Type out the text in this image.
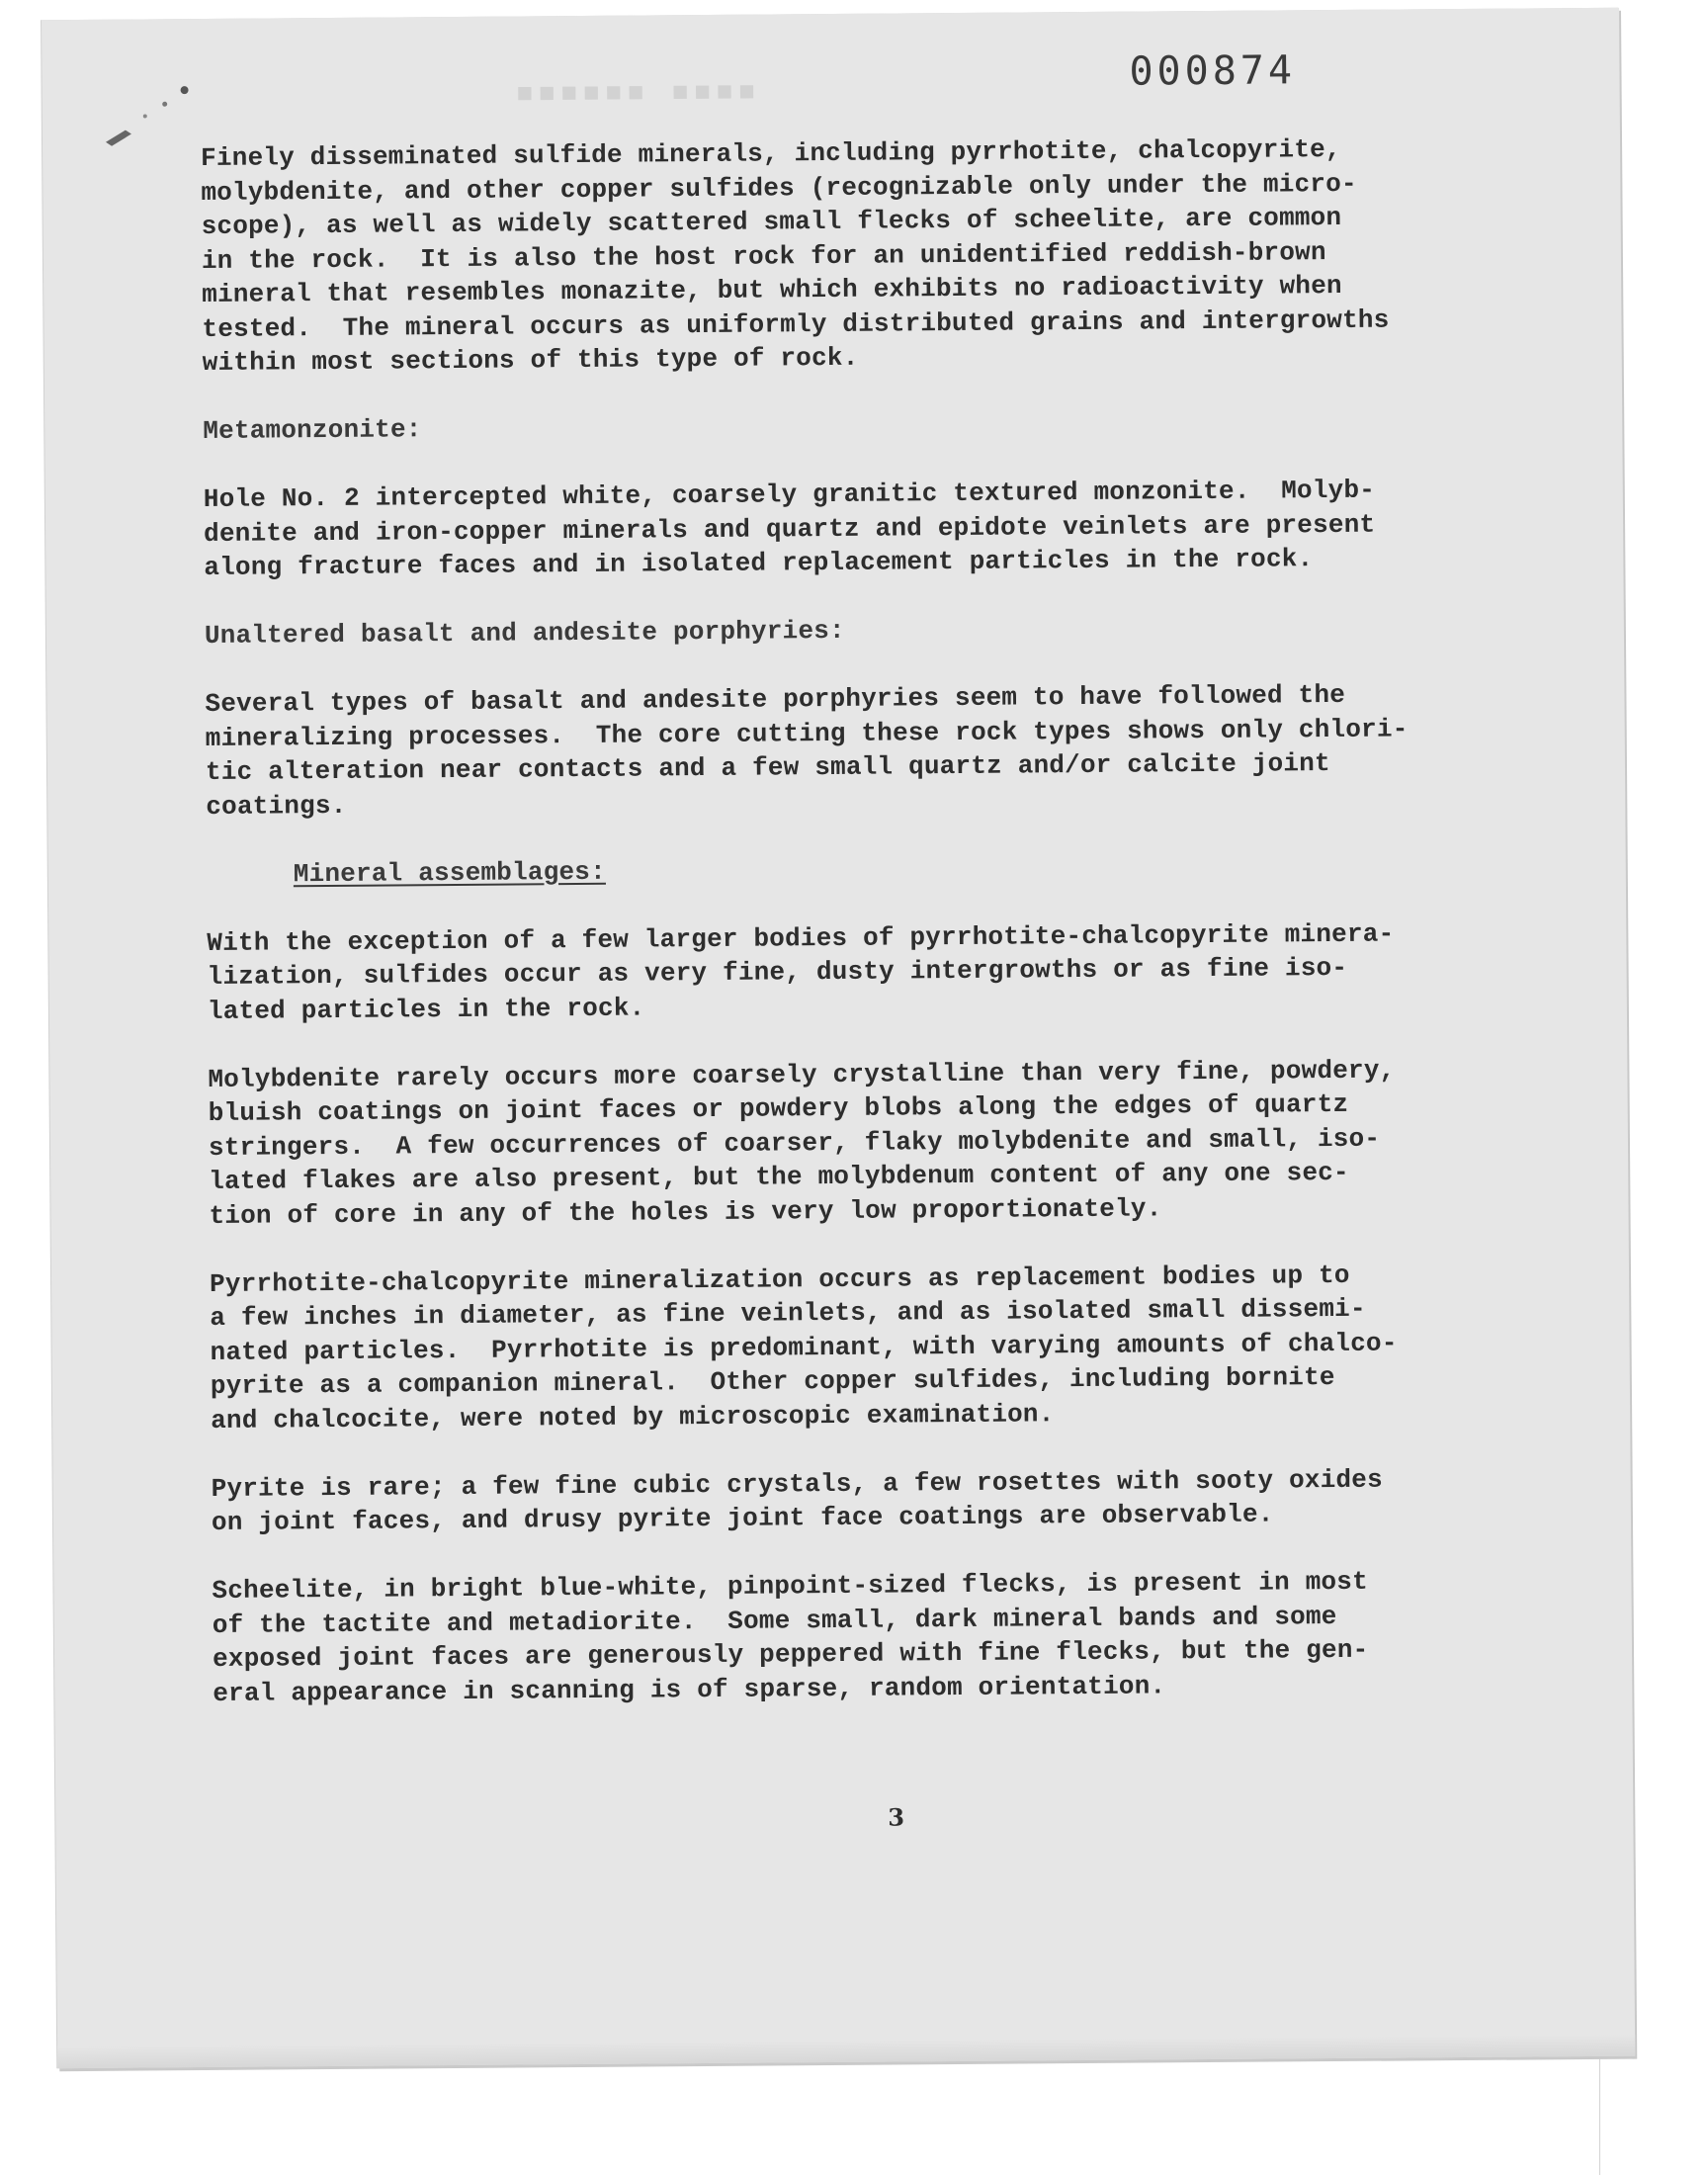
▪▪▪▪▪▪ ▪▪▪▪	000874

Finely disseminated sulfide minerals, including pyrrhotite, chalcopyrite,
molybdenite, and other copper sulfides (recognizable only under the micro-
scope), as well as widely scattered small flecks of scheelite, are common
in the rock.  It is also the host rock for an unidentified reddish-brown
mineral that resembles monazite, but which exhibits no radioactivity when
tested.  The mineral occurs as uniformly distributed grains and intergrowths
within most sections of this type of rock.

Metamonzonite:

Hole No. 2 intercepted white, coarsely granitic textured monzonite.  Molyb-
denite and iron-copper minerals and quartz and epidote veinlets are present
along fracture faces and in isolated replacement particles in the rock.

Unaltered basalt and andesite porphyries:

Several types of basalt and andesite porphyries seem to have followed the
mineralizing processes.  The core cutting these rock types shows only chlori-
tic alteration near contacts and a few small quartz and/or calcite joint
coatings.

Mineral assemblages:

With the exception of a few larger bodies of pyrrhotite-chalcopyrite minera-
lization, sulfides occur as very fine, dusty intergrowths or as fine iso-
lated particles in the rock.

Molybdenite rarely occurs more coarsely crystalline than very fine, powdery,
bluish coatings on joint faces or powdery blobs along the edges of quartz
stringers.  A few occurrences of coarser, flaky molybdenite and small, iso-
lated flakes are also present, but the molybdenum content of any one sec-
tion of core in any of the holes is very low proportionately.

Pyrrhotite-chalcopyrite mineralization occurs as replacement bodies up to
a few inches in diameter, as fine veinlets, and as isolated small dissemi-
nated particles.  Pyrrhotite is predominant, with varying amounts of chalco-
pyrite as a companion mineral.  Other copper sulfides, including bornite
and chalcocite, were noted by microscopic examination.

Pyrite is rare; a few fine cubic crystals, a few rosettes with sooty oxides
on joint faces, and drusy pyrite joint face coatings are observable.

Scheelite, in bright blue-white, pinpoint-sized flecks, is present in most
of the tactite and metadiorite.  Some small, dark mineral bands and some
exposed joint faces are generously peppered with fine flecks, but the gen-
eral appearance in scanning is of sparse, random orientation.

3
